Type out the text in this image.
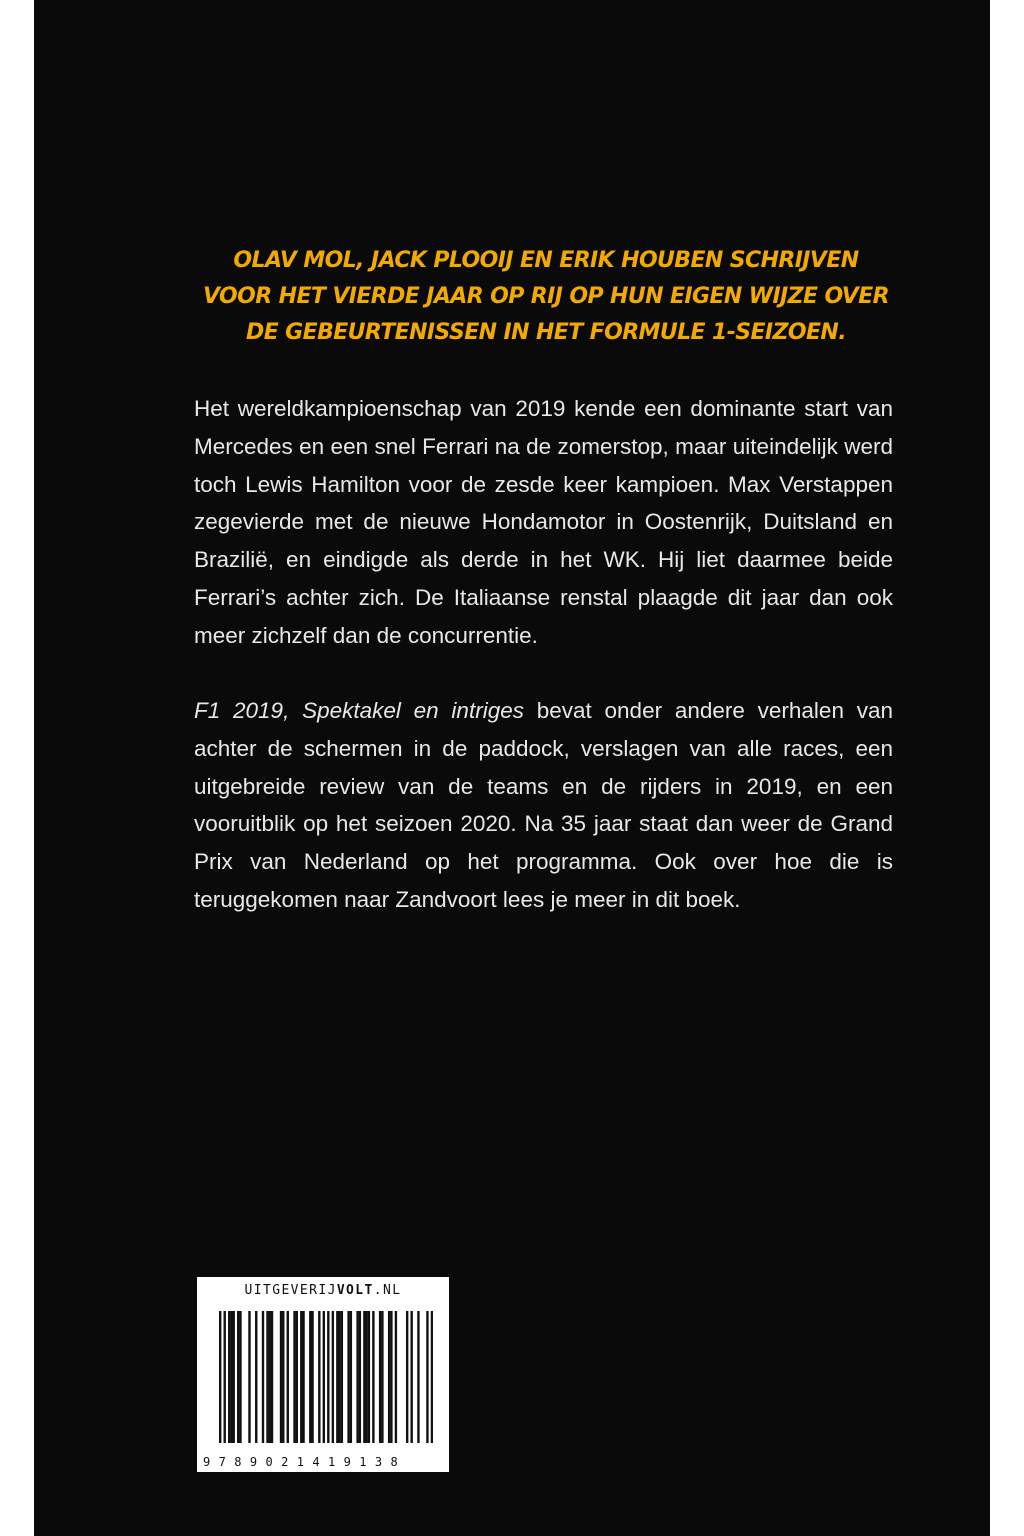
OLAV MOL, JACK PLOOIJ EN ERIK HOUBEN SCHRIJVEN
VOOR HET VIERDE JAAR OP RIJ OP HUN EIGEN WIJZE OVER
DE GEBEURTENISSEN IN HET FORMULE 1-SEIZOEN.
Het wereldkampioenschap van 2019 kende een dominante start van Mercedes en een snel Ferrari na de zomerstop, maar uiteindelijk werd toch Lewis Hamilton voor de zesde keer kampioen. Max Verstappen zegevierde met de nieuwe Hondamotor in Oostenrijk, Duitsland en Brazilië, en eindigde als derde in het WK. Hij liet daarmee beide Ferrari’s achter zich. De Italiaanse renstal plaagde dit jaar dan ook meer zichzelf dan de concurrentie.
F1 2019, Spektakel en intriges bevat onder andere verhalen van achter de schermen in de paddock, verslagen van alle races, een uitgebreide review van de teams en de rijders in 2019, en een vooruitblik op het seizoen 2020. Na 35 jaar staat dan weer de Grand Prix van Nederland op het programma. Ook over hoe die is teruggekomen naar Zandvoort lees je meer in dit boek.
UITGEVERIJVOLT.NL
9789021419138
